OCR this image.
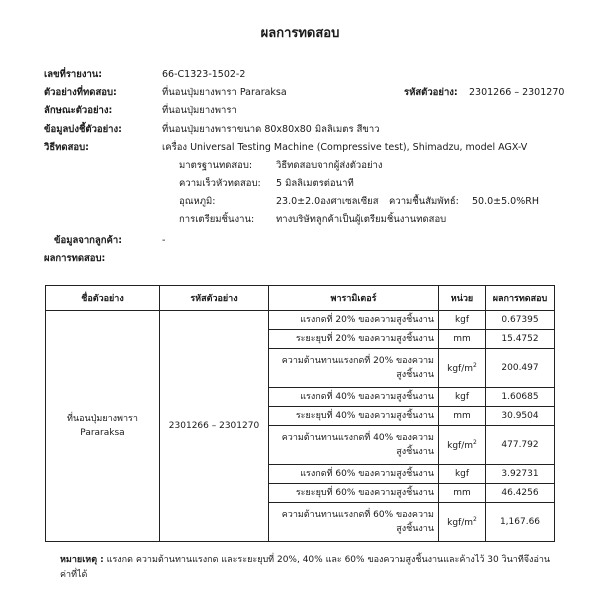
ผลการทดสอบ
เลขที่รายงาน:	66-C1323-1502-2
ตัวอย่างที่ทดสอบ:	ที่นอนปุ่มยางพารา Pararaksa	รหัสตัวอย่าง: 2301266 – 2301270
ลักษณะตัวอย่าง:	ที่นอนปุ่มยางพารา
ข้อมูลบ่งชี้ตัวอย่าง:	ที่นอนปุ่มยางพาราขนาด 80x80x80 มิลลิเมตร สีขาว
วิธีทดสอบ:	เครื่อง Universal Testing Machine (Compressive test), Shimadzu, model AGX-V
มาตรฐานทดสอบ:	วิธีทดสอบจากผู้ส่งตัวอย่าง
ความเร็วหัวทดสอบ: 5 มิลลิเมตรต่อนาที
อุณหภูมิ:	23.0±2.0องศาเซลเซียส ความชื้นสัมพัทธ์: 50.0±5.0%RH
การเตรียมชิ้นงาน: ทางบริษัทลูกค้าเป็นผู้เตรียมชิ้นงานทดสอบ
ข้อมูลจากลูกค้า:	-
ผลการทดสอบ:
ชื่อตัวอย่าง	รหัสตัวอย่าง	พารามิเตอร์	หน่วย	ผลการทดสอบ
ที่นอนปุ่มยางพารา Pararaksa	2301266 – 2301270	แรงกดที่ 20% ของความสูงชิ้นงาน	kgf	0.67395
		ระยะยุบที่ 20% ของความสูงชิ้นงาน	mm	15.4752
		ความต้านทานแรงกดที่ 20% ของความสูงชิ้นงาน	kgf/$m^2$	200.497
		แรงกดที่ 40% ของความสูงชิ้นงาน	kgf	1.60685
		ระยะยุบที่ 40% ของความสูงชิ้นงาน	mm	30.9504
		ความต้านทานแรงกดที่ 40% ของความสูงชิ้นงาน	kgf/$m^2$	477.792
		แรงกดที่ 60% ของความสูงชิ้นงาน	kgf	3.92731
		ระยะยุบที่ 60% ของความสูงชิ้นงาน	mm	46.4256
		ความต้านทานแรงกดที่ 60% ของความสูงชิ้นงาน	kgf/$m^2$	1,167.66
หมายเหตุ : แรงกด ความต้านทานแรงกด และระยะยุบที่ 20%, 40% และ 60% ของความสูงชิ้นงานและค้างไว้ 30 วินาทีจึงอ่านค่าที่ได้
